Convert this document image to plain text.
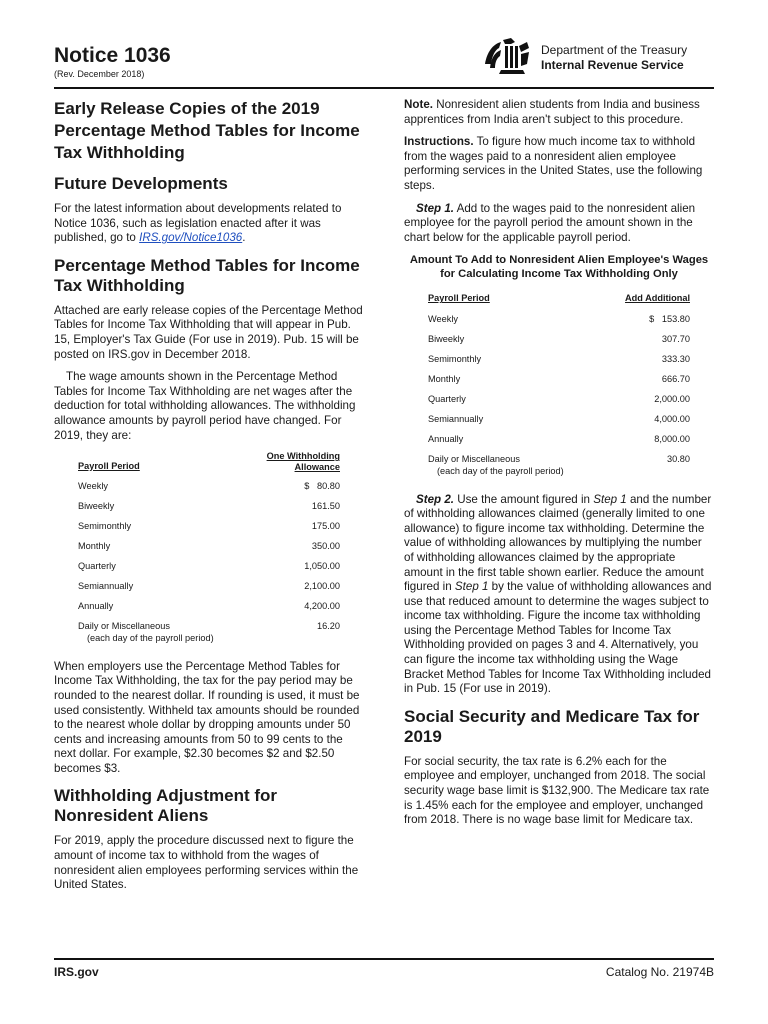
Notice 1036
(Rev. December 2018)
Department of the Treasury
Internal Revenue Service
Early Release Copies of the 2019 Percentage Method Tables for Income Tax Withholding
Future Developments

For the latest information about developments related to Notice 1036, such as legislation enacted after it was published, go to IRS.gov/Notice1036.

Percentage Method Tables for Income Tax Withholding

Attached are early release copies of the Percentage Method Tables for Income Tax Withholding that will appear in Pub. 15, Employer's Tax Guide (For use in 2019). Pub. 15 will be posted on IRS.gov in December 2018.

The wage amounts shown in the Percentage Method Tables for Income Tax Withholding are net wages after the deduction for total withholding allowances. The withholding allowance amounts by payroll period have changed. For 2019, they are:

Payroll Period
One Withholding
Allowance
Weekly	$   80.80
Biweekly	161.50
Semimonthly	175.00
Monthly	350.00
Quarterly	1,050.00
Semiannually	2,100.00
Annually	4,200.00
Daily or Miscellaneous	16.20
(each day of the payroll period)

When employers use the Percentage Method Tables for Income Tax Withholding, the tax for the pay period may be rounded to the nearest dollar. If rounding is used, it must be used consistently. Withheld tax amounts should be rounded to the nearest whole dollar by dropping amounts under 50 cents and increasing amounts from 50 to 99 cents to the next dollar. For example, $2.30 becomes $2 and $2.50 becomes $3.

Withholding Adjustment for Nonresident Aliens

For 2019, apply the procedure discussed next to figure the amount of income tax to withhold from the wages of nonresident alien employees performing services within the United States.

Note. Nonresident alien students from India and business apprentices from India aren't subject to this procedure.

Instructions. To figure how much income tax to withhold from the wages paid to a nonresident alien employee performing services in the United States, use the following steps.

Step 1. Add to the wages paid to the nonresident alien employee for the payroll period the amount shown in the chart below for the applicable payroll period.

Amount To Add to Nonresident Alien Employee's Wages for Calculating Income Tax Withholding Only
Payroll Period	Add Additional
Weekly	$   153.80
Biweekly	307.70
Semimonthly	333.30
Monthly	666.70
Quarterly	2,000.00
Semiannually	4,000.00
Annually	8,000.00
Daily or Miscellaneous	30.80
(each day of the payroll period)

Step 2. Use the amount figured in Step 1 and the number of withholding allowances claimed (generally limited to one allowance) to figure income tax withholding. Determine the value of withholding allowances by multiplying the number of withholding allowances claimed by the appropriate amount in the first table shown earlier. Reduce the amount figured in Step 1 by the value of withholding allowances and use that reduced amount to determine the wages subject to income tax withholding. Figure the income tax withholding using the Percentage Method Tables for Income Tax Withholding provided on pages 3 and 4. Alternatively, you can figure the income tax withholding using the Wage Bracket Method Tables for Income Tax Withholding included in Pub. 15 (For use in 2019).

Social Security and Medicare Tax for 2019

For social security, the tax rate is 6.2% each for the employee and employer, unchanged from 2018. The social security wage base limit is $132,900. The Medicare tax rate is 1.45% each for the employee and employer, unchanged from 2018. There is no wage base limit for Medicare tax.

IRS.gov	Catalog No. 21974B
